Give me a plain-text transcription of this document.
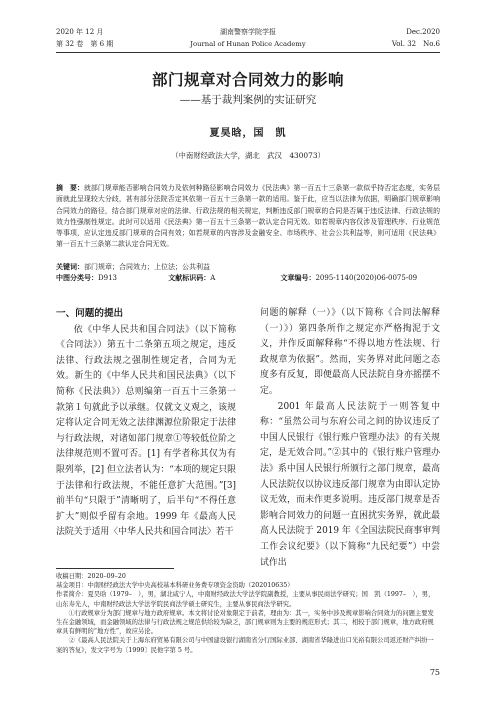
2020 年 12 月
第 32 卷　第 6 期
湖南警察学院学报
Journal of Hunan Police Academy
Dec.2020
Vol. 32　No.6
部门规章对合同效力的影响
——基于裁判案例的实证研究
夏昊晗，国　凯
（中南财经政法大学，湖北　武汉　430073）
摘　要：就部门规章能否影响合同效力及依何种路径影响合同效力《民法典》第一百五十三条第一款似乎持否定态度，实务层面就此呈现较大分歧，甚有部分法院否定其依第一百五十三条第一款的适用。鉴于此，应当以法律为依据，明确部门规章影响合同效力的路径，结合部门规章对应的法律、行政法规的相关规定，判断违反部门规章的合同是否属于违反法律、行政法规的效力性强制性规定。此时可以适用《民法典》第一百五十三条第一款认定合同无效。如若规章内容仅涉及管理秩序、行业规范等事项，应认定违反部门规章的合同有效；如若规章的内容涉及金融安全、市场秩序、社会公共利益等，则可适用《民法典》第一百五十三条第二款认定合同无效。
关键词：部门规章；合同效力；上位法；公共利益
中图分类号：D913	文献标识码：A	文章编号：2095-1140(2020)06-0075-09

一、问题的提出

依《中华人民共和国合同法》（以下简称《合同法》）第五十二条第五项之规定，违反法律、行政法规之强制性规定者，合同为无效。新生的《中华人民共和国民法典》（以下简称《民法典》）总则编第一百五十三条第一款第１句就此予以承继。仅就文义观之，该规定将认定合同无效之法律渊源位阶限定于法律与行政法规，对诸如部门规章①等较低位阶之法律规范则不置可否。[1] 有学者称其仅为有限列举，[2] 但立法者认为：“本项的规定只限于法律和行政法规，不能任意扩大范围。”[3] 前半句“只限于”清晰明了，后半句“不得任意扩大”则似乎留有余地。1999 年《最高人民法院关于适用〈中华人民共和国合同法〉若干

问题的解释（一）》（以下简称《合同法解释（一）》）第四条所作之规定亦严格掏泥于文义，并作反面解释称“不得以地方性法规、行政规章为依据”。然而，实务界对此问题之态度多有反复，即便最高人民法院自身亦摇摆不定。

2001 年最高人民法院于一则答复中称：“虽然公司与东府公司之间的协议违反了中国人民银行《银行账户管理办法》的有关规定，是无效合同。”②其中的《银行账户管理办法》系中国人民银行所颁行之部门规章，最高人民法院仅以协议违反部门规章为由即认定协议无效，而未作更多说明。违反部门规章是否影响合同效力的问题一直困扰实务界，就此最高人民法院于 2019 年《全国法院民商事审判工作会议纪要》（以下简称“九民纪要”）中尝试作出

收稿日期：2020–09–20

基金项目：中南财经政法大学中央高校基本科研业务费专项资金资助（202010635）

作者简介：夏昊晗（1979–　），男，湖北咸宁人，中南财经政法大学法学院副教授，主要从事民商法学研究；国　凯（1997–　），男，山东寿光人，中南财经政法大学法学院民商法学硕士研究生，主要从事民商法学研究。

①行政规章分为部门规章与地方政府规章。本文将讨论对象限定于前者，理由为：其一，实务中涉及规章影响合同效力的问题主要发生在金融领域，而金融领域的法律与行政法规之规范供给较为缺乏，部门规章则为主要的规范形式；其二，相较于部门规章，地方政府规章具有鲜明的“地方性”，故应另论。

②《最高人民法院关于上海东府贸易有限公司与中国建设银行湖南省分行国际业部、湖南省华隆进出口光裕有限公司返还财产纠纷一案的答复》，发文字号为〔1999〕民他字第 5 号。

75
